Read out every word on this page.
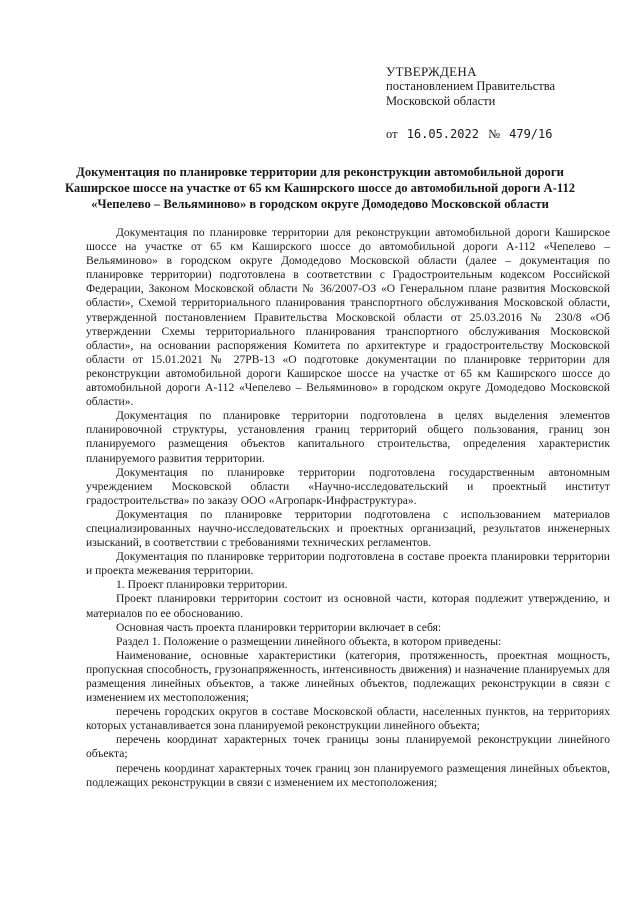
УТВЕРЖДЕНА
постановлением Правительства
Московской области
от 16.05.2022 № 479/16
Документация по планировке территории для реконструкции автомобильной дороги Каширское шоссе на участке от 65 км Каширского шоссе до автомобильной дороги А-112 «Чепелево – Вельяминово» в городском округе Домодедово Московской области

Документация по планировке территории для реконструкции автомобильной дороги Каширское шоссе на участке от 65 км Каширского шоссе до автомобильной дороги А-112 «Чепелево – Вельяминово» в городском округе Домодедово Московской области (далее – документация по планировке территории) подготовлена в соответствии с Градостроительным кодексом Российской Федерации, Законом Московской области № 36/2007-ОЗ «О Генеральном плане развития Московской области», Схемой территориального планирования транспортного обслуживания Московской области, утвержденной постановлением Правительства Московской области от 25.03.2016 № 230/8 «Об утверждении Схемы территориального планирования транспортного обслуживания Московской области», на основании распоряжения Комитета по архитектуре и градостроительству Московской области от 15.01.2021 № 27РВ-13 «О подготовке документации по планировке территории для реконструкции автомобильной дороги Каширское шоссе на участке от 65 км Каширского шоссе до автомобильной дороги А-112 «Чепелево – Вельяминово» в городском округе Домодедово Московской области».

Документация по планировке территории подготовлена в целях выделения элементов планировочной структуры, установления границ территорий общего пользования, границ зон планируемого размещения объектов капитального строительства, определения характеристик планируемого развития территории.

Документация по планировке территории подготовлена государственным автономным учреждением Московской области «Научно-исследовательский и проектный институт градостроительства» по заказу ООО «Агропарк-Инфраструктура».

Документация по планировке территории подготовлена с использованием материалов специализированных научно-исследовательских и проектных организаций, результатов инженерных изысканий, в соответствии с требованиями технических регламентов.

Документация по планировке территории подготовлена в составе проекта планировки территории и проекта межевания территории.

1. Проект планировки территории.

Проект планировки территории состоит из основной части, которая подлежит утверждению, и материалов по ее обоснованию.

Основная часть проекта планировки территории включает в себя:

Раздел 1. Положение о размещении линейного объекта, в котором приведены:

Наименование, основные характеристики (категория, протяженность, проектная мощность, пропускная способность, грузонапряженность, интенсивность движения) и назначение планируемых для размещения линейных объектов, а также линейных объектов, подлежащих реконструкции в связи с изменением их местоположения;

перечень городских округов в составе Московской области, населенных пунктов, на территориях которых устанавливается зона планируемой реконструкции линейного объекта;

перечень координат характерных точек границы зоны планируемой реконструкции линейного объекта;

перечень координат характерных точек границ зон планируемого размещения линейных объектов, подлежащих реконструкции в связи с изменением их местоположения;
